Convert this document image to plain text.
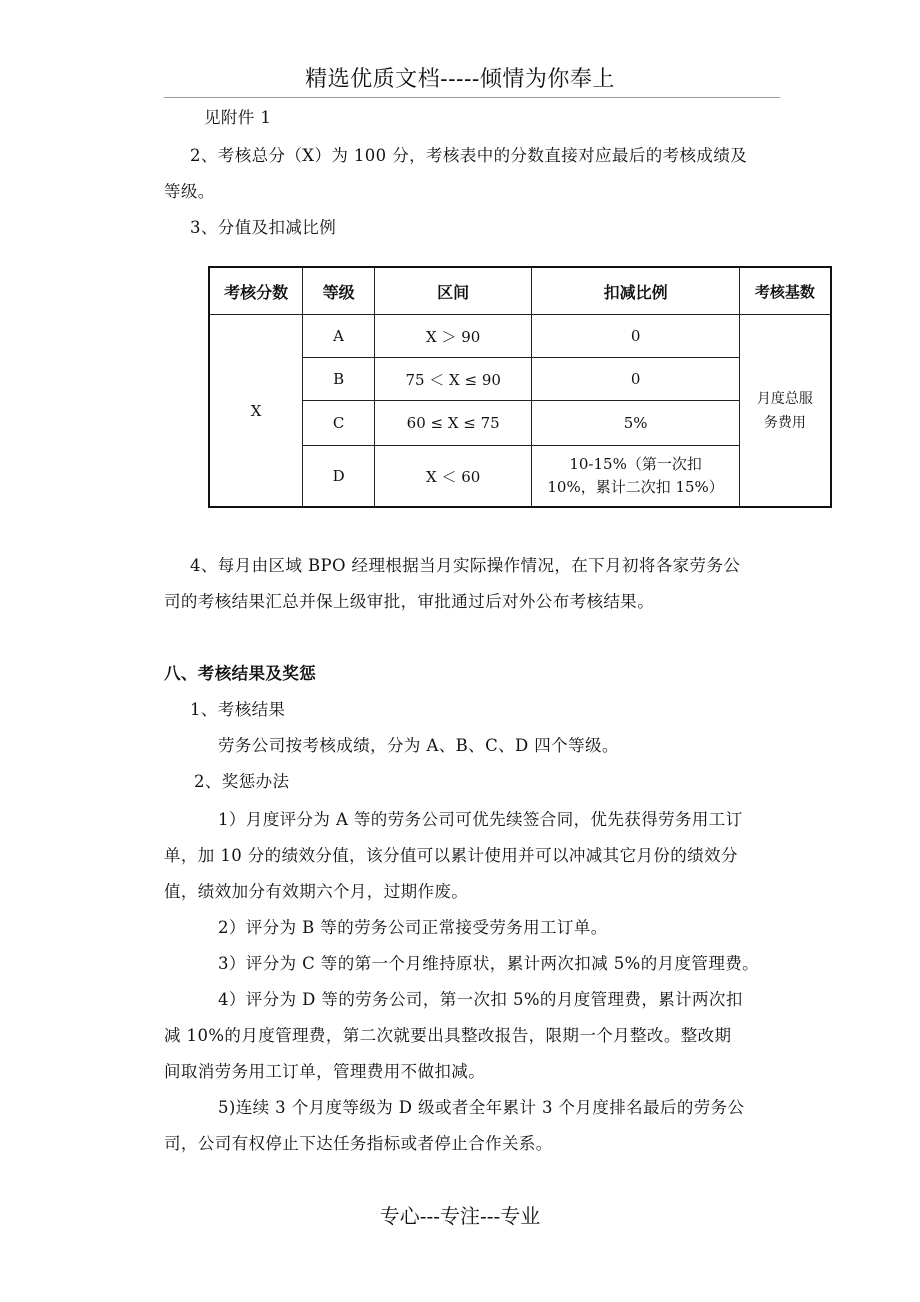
精选优质文档-----倾情为你奉上
见附件 1
2、考核总分（X）为 100 分，考核表中的分数直接对应最后的考核成绩及
等级。
3、分值及扣减比例
考核分数	等级	区间	扣减比例	考核基数
X	A	X ＞ 90	0	月度总服
务费用

	B	75 ＜ X ≤ 90	0	
	C	60 ≤ X ≤ 75	5%	
	D	X ＜ 60	10-15%（第一次扣
10%，累计二次扣 15%）	
4、每月由区域 BPO 经理根据当月实际操作情况，在下月初将各家劳务公
司的考核结果汇总并保上级审批，审批通过后对外公布考核结果。
八、考核结果及奖惩
1、考核结果
劳务公司按考核成绩，分为 A、B、C、D 四个等级。
2、奖惩办法
1）月度评分为 A 等的劳务公司可优先续签合同，优先获得劳务用工订
单，加 10 分的绩效分值，该分值可以累计使用并可以冲减其它月份的绩效分
值，绩效加分有效期六个月，过期作废。
2）评分为 B 等的劳务公司正常接受劳务用工订单。
3）评分为 C 等的第一个月维持原状，累计两次扣减 5%的月度管理费。
4）评分为 D 等的劳务公司，第一次扣 5%的月度管理费，累计两次扣
减 10%的月度管理费，第二次就要出具整改报告，限期一个月整改。整改期
间取消劳务用工订单，管理费用不做扣减。
5)连续 3 个月度等级为 D 级或者全年累计 3 个月度排名最后的劳务公
司，公司有权停止下达任务指标或者停止合作关系。
专心---专注---专业
